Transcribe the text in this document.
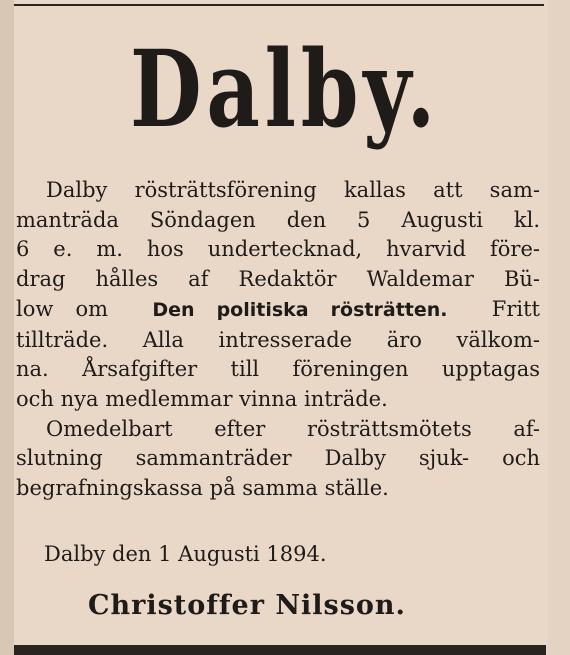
Dalby.
Dalby rösträttsförening kallas att sam-
manträda Söndagen den 5 Augusti kl.
6 e. m. hos undertecknad, hvarvid före-
drag hålles af Redaktör Waldemar Bü-
low om Den politiska rösträtten. Fritt
tillträde. Alla intresserade äro välkom-
na. Årsafgifter till föreningen upptagas
och nya medlemmar vinna inträde.
Omedelbart efter rösträttsmötets af-
slutning sammanträder Dalby sjuk- och
begrafningskassa på samma ställe.
Dalby den 1 Augusti 1894.
Christoffer Nilsson.
